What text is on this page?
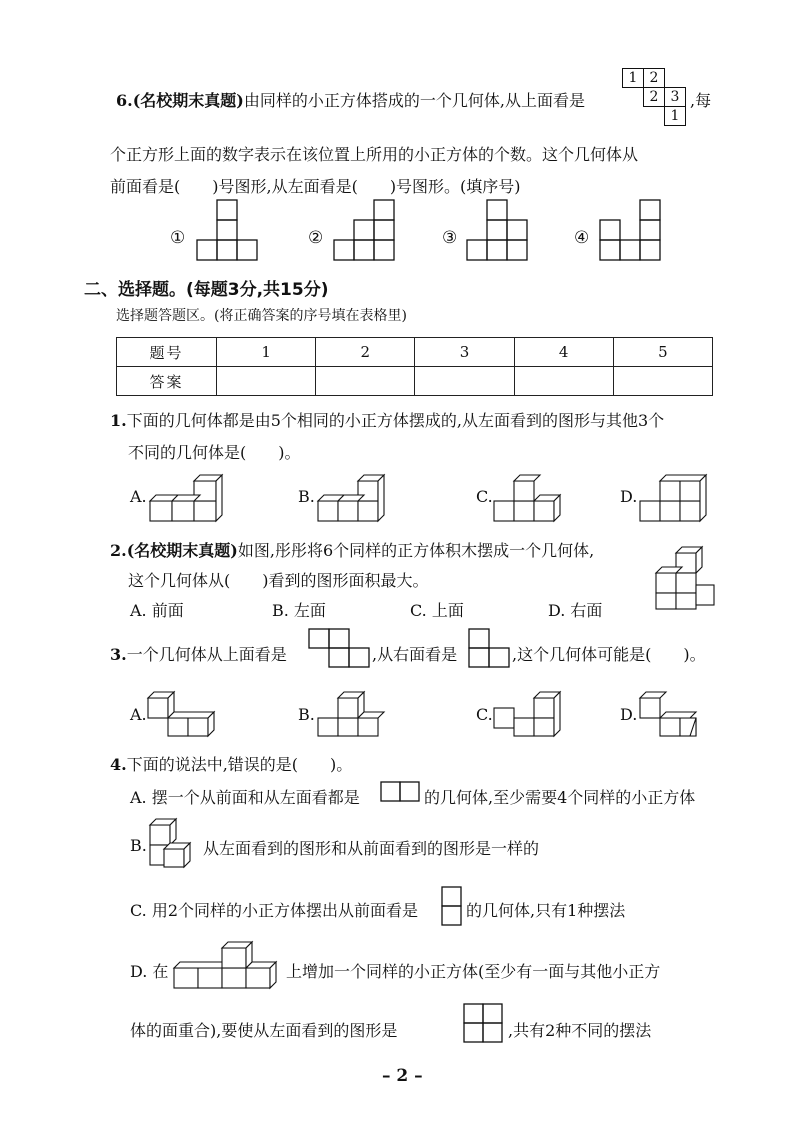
6.(名校期末真题)由同样的小正方体搭成的一个几何体,从上面看是
1 2
2 3
1
,每
个正方形上面的数字表示在该位置上所用的小正方体的个数。这个几何体从
前面看是(　　)号图形,从左面看是(　　)号图形。(填序号)
①	②	③	④
二、选择题。(每题3分,共15分)
选择题答题区。(将正确答案的序号填在表格里)
题号	1	2	3	4	5
答案					
1.下面的几何体都是由5个相同的小正方体摆成的,从左面看到的图形与其他3个
不同的几何体是(　　)。
A.	B.	C.	D.
2.(名校期末真题)如图,彤彤将6个同样的正方体积木摆成一个几何体,
这个几何体从(　　)看到的图形面积最大。
A. 前面	B. 左面	C. 上面	D. 右面
3.一个几何体从上面看是	,从右面看是	,这个几何体可能是(　　)。
A.	B.	C.	D.
4.下面的说法中,错误的是(　　)。
A. 摆一个从前面和从左面看都是	的几何体,至少需要4个同样的小正方体
B.	从左面看到的图形和从前面看到的图形是一样的
C. 用2个同样的小正方体摆出从前面看是	的几何体,只有1种摆法
D. 在	上增加一个同样的小正方体(至少有一面与其他小正方
体的面重合),要使从左面看到的图形是	,共有2种不同的摆法
– 2 –
